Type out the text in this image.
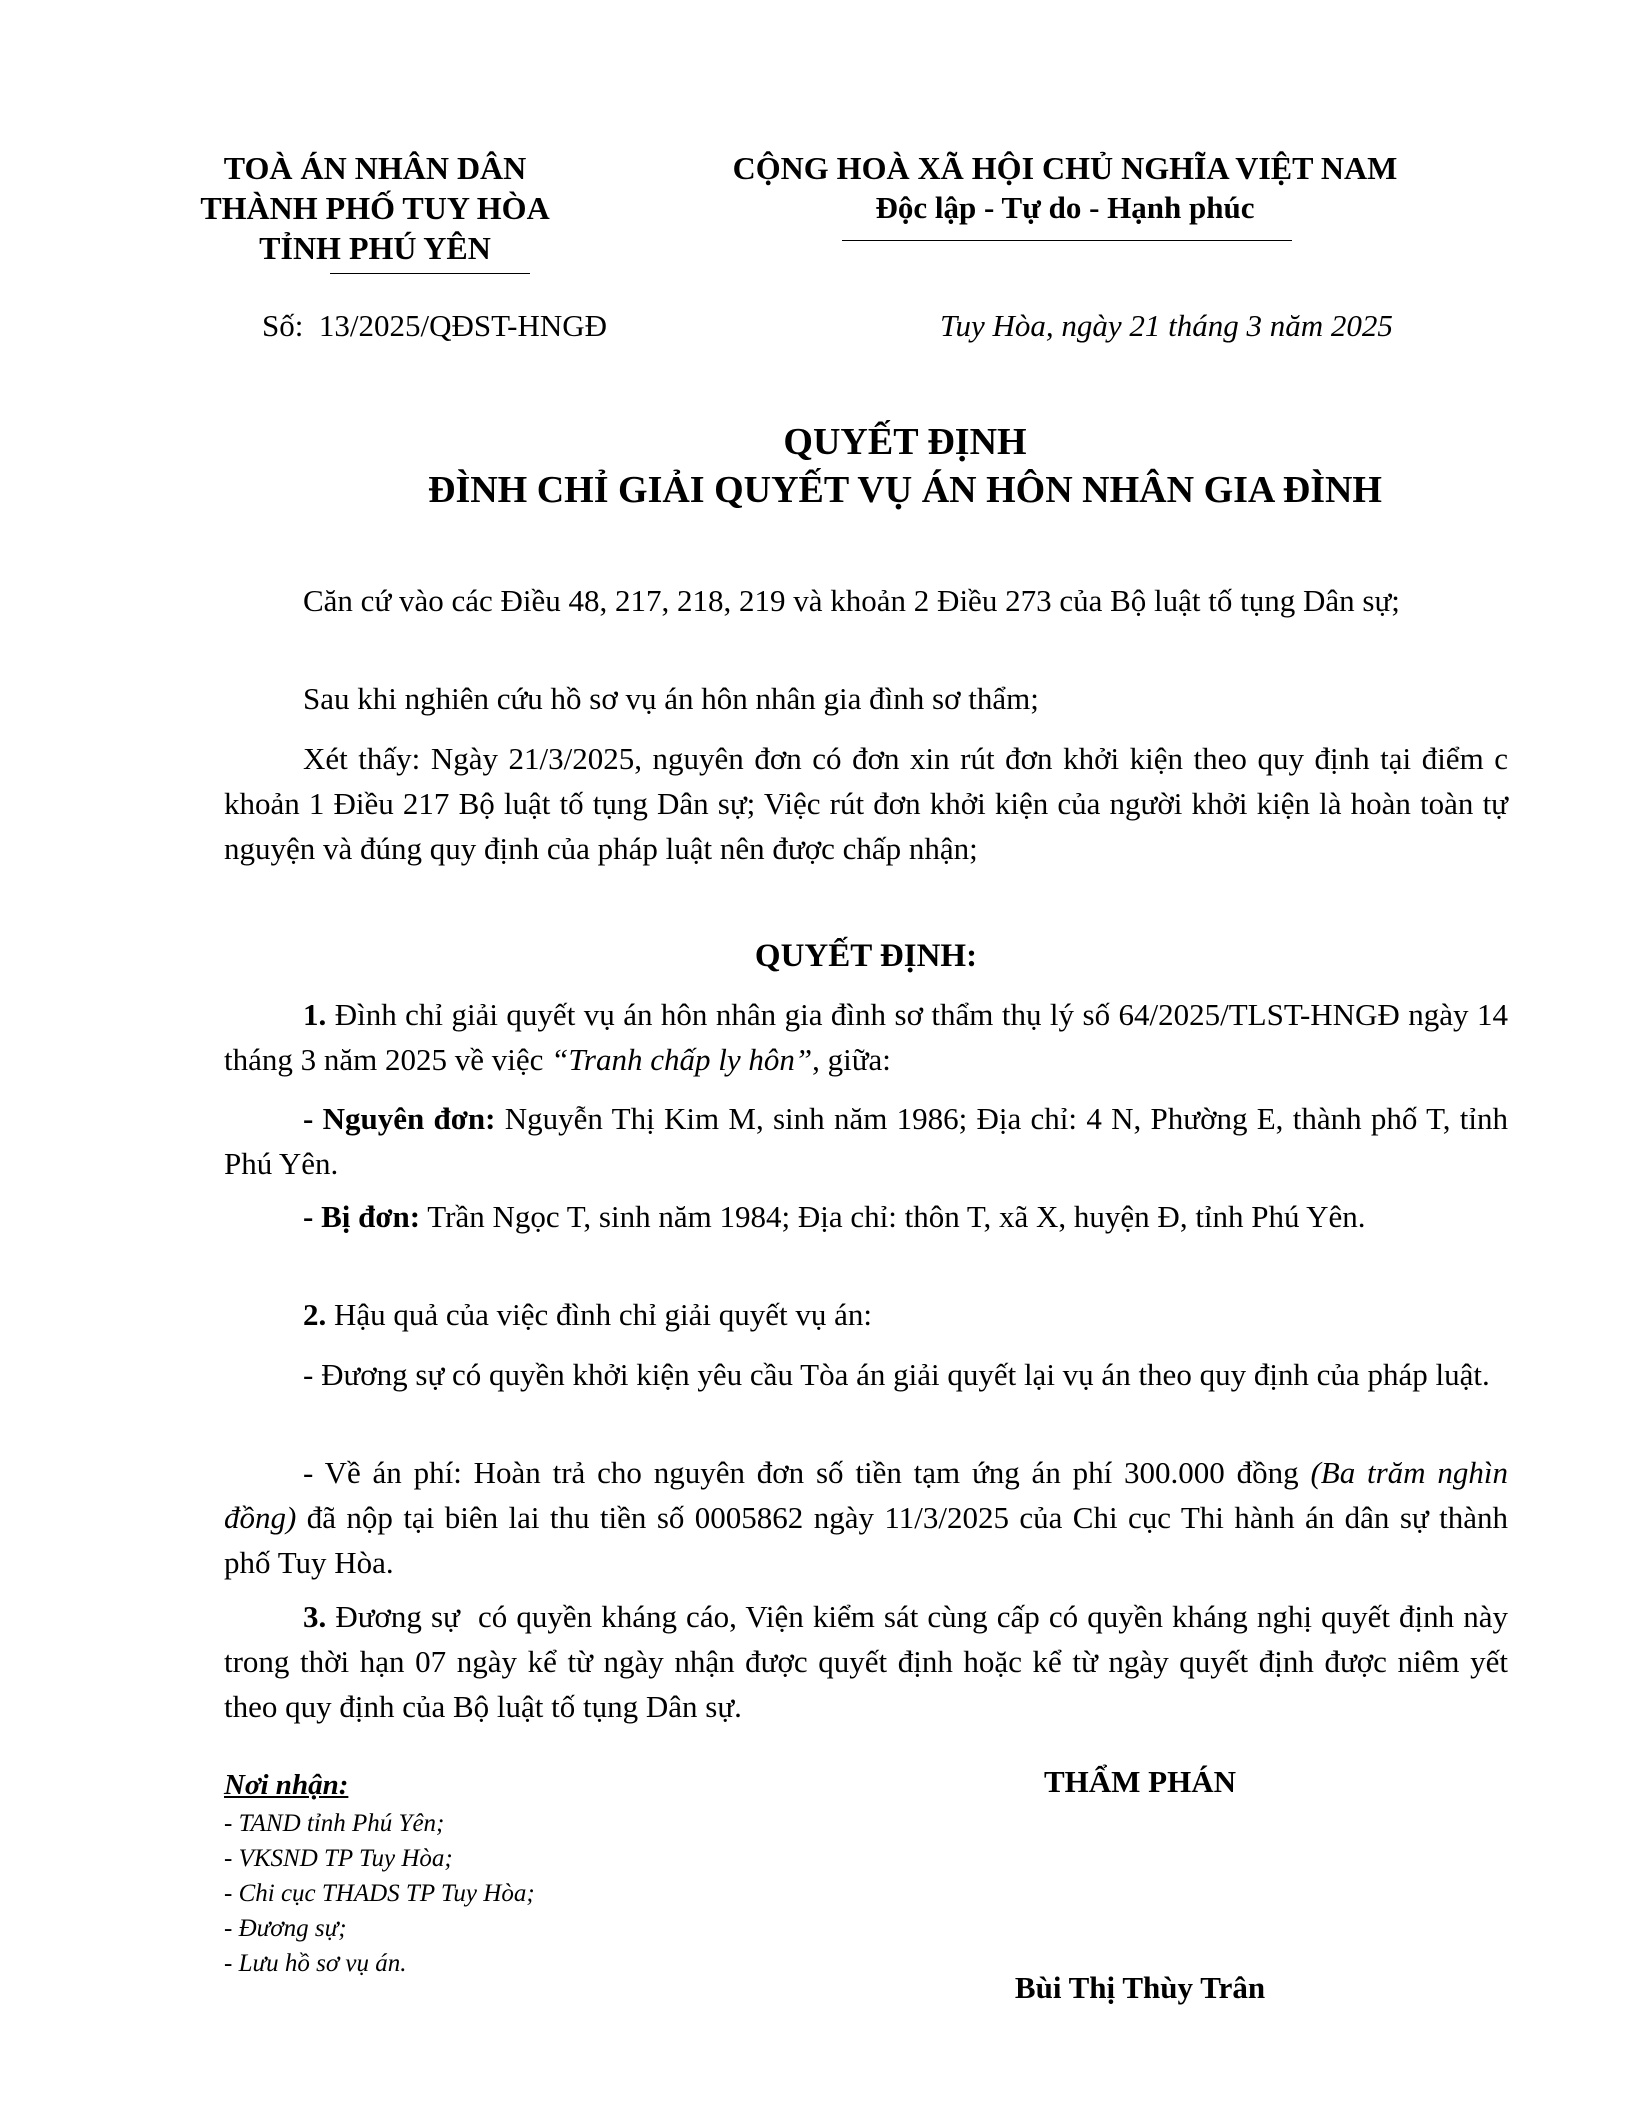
TOÀ ÁN NHÂN DÂN
THÀNH PHỐ TUY HÒA
TỈNH PHÚ YÊN
CỘNG HOÀ XÃ HỘI CHỦ NGHĨA VIỆT NAM
Độc lập - Tự do - Hạnh phúc
Số:  13/2025/QĐST-HNGĐ	Tuy Hòa, ngày 21 tháng 3 năm 2025
QUYẾT ĐỊNH
ĐÌNH CHỈ GIẢI QUYẾT VỤ ÁN HÔN NHÂN GIA ĐÌNH
Căn cứ vào các Điều 48, 217, 218, 219 và khoản 2 Điều 273 của Bộ luật tố tụng Dân sự;
Sau khi nghiên cứu hồ sơ vụ án hôn nhân gia đình sơ thẩm;
Xét thấy: Ngày 21/3/2025, nguyên đơn có đơn xin rút đơn khởi kiện theo quy định tại điểm c khoản 1 Điều 217 Bộ luật tố tụng Dân sự; Việc rút đơn khởi kiện của người khởi kiện là hoàn toàn tự nguyện và đúng quy định của pháp luật nên được chấp nhận;
QUYẾT ĐỊNH:
1. Đình chỉ giải quyết vụ án hôn nhân gia đình sơ thẩm thụ lý số 64/2025/TLST-HNGĐ ngày 14 tháng 3 năm 2025 về việc “Tranh chấp ly hôn”, giữa:
- Nguyên đơn: Nguyễn Thị Kim M, sinh năm 1986; Địa chỉ: 4 N, Phường E, thành phố T, tỉnh Phú Yên.
- Bị đơn: Trần Ngọc T, sinh năm 1984; Địa chỉ: thôn T, xã X, huyện Đ, tỉnh Phú Yên.
2. Hậu quả của việc đình chỉ giải quyết vụ án:
- Đương sự có quyền khởi kiện yêu cầu Tòa án giải quyết lại vụ án theo quy định của pháp luật.
- Về án phí: Hoàn trả cho nguyên đơn số tiền tạm ứng án phí 300.000 đồng (Ba trăm nghìn đồng) đã nộp tại biên lai thu tiền số 0005862 ngày 11/3/2025 của Chi cục Thi hành án dân sự thành phố Tuy Hòa.
3. Đương sự  có quyền kháng cáo, Viện kiểm sát cùng cấp có quyền kháng nghị quyết định này trong thời hạn 07 ngày kể từ ngày nhận được quyết định hoặc kể từ ngày quyết định được niêm yết theo quy định của Bộ luật tố tụng Dân sự.
Nơi nhận:
- TAND tỉnh Phú Yên;
- VKSND TP Tuy Hòa;
- Chi cục THADS TP Tuy Hòa;
- Đương sự;
- Lưu hồ sơ vụ án.
THẨM PHÁN
Bùi Thị Thùy Trân
